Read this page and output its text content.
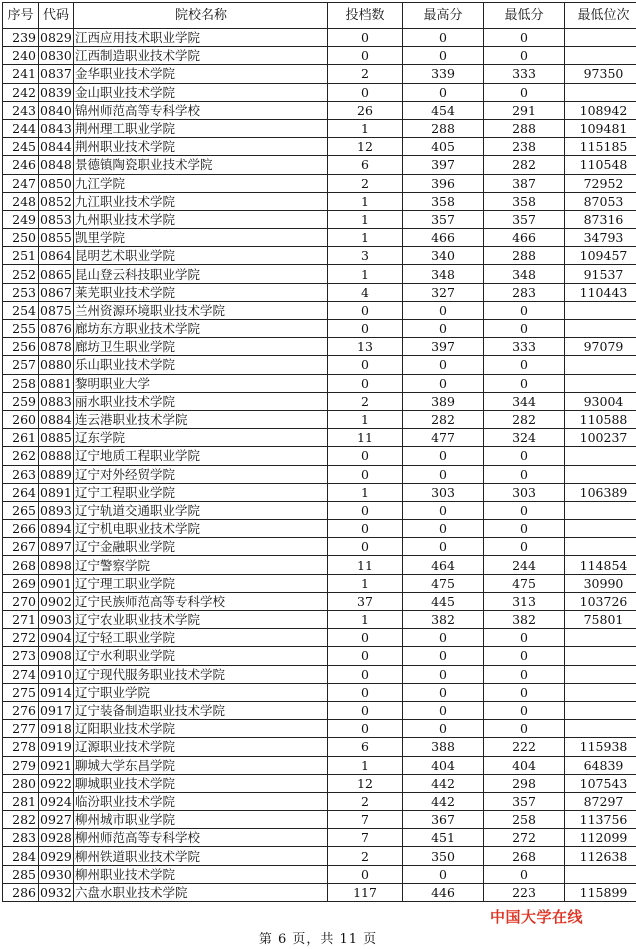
序号	代码	院校名称	投档数	最高分	最低分	最低位次
239	0829	江西应用技术职业学院	0	0	0	
240	0830	江西制造职业技术学院	0	0	0	
241	0837	金华职业技术学院	2	339	333	97350
242	0839	金山职业技术学院	0	0	0	
243	0840	锦州师范高等专科学校	26	454	291	108942
244	0843	荆州理工职业学院	1	288	288	109481
245	0844	荆州职业技术学院	12	405	238	115185
246	0848	景德镇陶瓷职业技术学院	6	397	282	110548
247	0850	九江学院	2	396	387	72952
248	0852	九江职业技术学院	1	358	358	87053
249	0853	九州职业技术学院	1	357	357	87316
250	0855	凯里学院	1	466	466	34793
251	0864	昆明艺术职业学院	3	340	288	109457
252	0865	昆山登云科技职业学院	1	348	348	91537
253	0867	莱芜职业技术学院	4	327	283	110443
254	0875	兰州资源环境职业技术学院	0	0	0	
255	0876	廊坊东方职业技术学院	0	0	0	
256	0878	廊坊卫生职业学院	13	397	333	97079
257	0880	乐山职业技术学院	0	0	0	
258	0881	黎明职业大学	0	0	0	
259	0883	丽水职业技术学院	2	389	344	93004
260	0884	连云港职业技术学院	1	282	282	110588
261	0885	辽东学院	11	477	324	100237
262	0888	辽宁地质工程职业学院	0	0	0	
263	0889	辽宁对外经贸学院	0	0	0	
264	0891	辽宁工程职业学院	1	303	303	106389
265	0893	辽宁轨道交通职业学院	0	0	0	
266	0894	辽宁机电职业技术学院	0	0	0	
267	0897	辽宁金融职业学院	0	0	0	
268	0898	辽宁警察学院	11	464	244	114854
269	0901	辽宁理工职业学院	1	475	475	30990
270	0902	辽宁民族师范高等专科学校	37	445	313	103726
271	0903	辽宁农业职业技术学院	1	382	382	75801
272	0904	辽宁轻工职业学院	0	0	0	
273	0908	辽宁水利职业学院	0	0	0	
274	0910	辽宁现代服务职业技术学院	0	0	0	
275	0914	辽宁职业学院	0	0	0	
276	0917	辽宁装备制造职业技术学院	0	0	0	
277	0918	辽阳职业技术学院	0	0	0	
278	0919	辽源职业技术学院	6	388	222	115938
279	0921	聊城大学东昌学院	1	404	404	64839
280	0922	聊城职业技术学院	12	442	298	107543
281	0924	临汾职业技术学院	2	442	357	87297
282	0927	柳州城市职业学院	7	367	258	113756
283	0928	柳州师范高等专科学校	7	451	272	112099
284	0929	柳州铁道职业技术学院	2	350	268	112638
285	0930	柳州职业技术学院	0	0	0	
286	0932	六盘水职业技术学院	117	446	223	115899
中国大学在线
第 6 页，共 11 页
